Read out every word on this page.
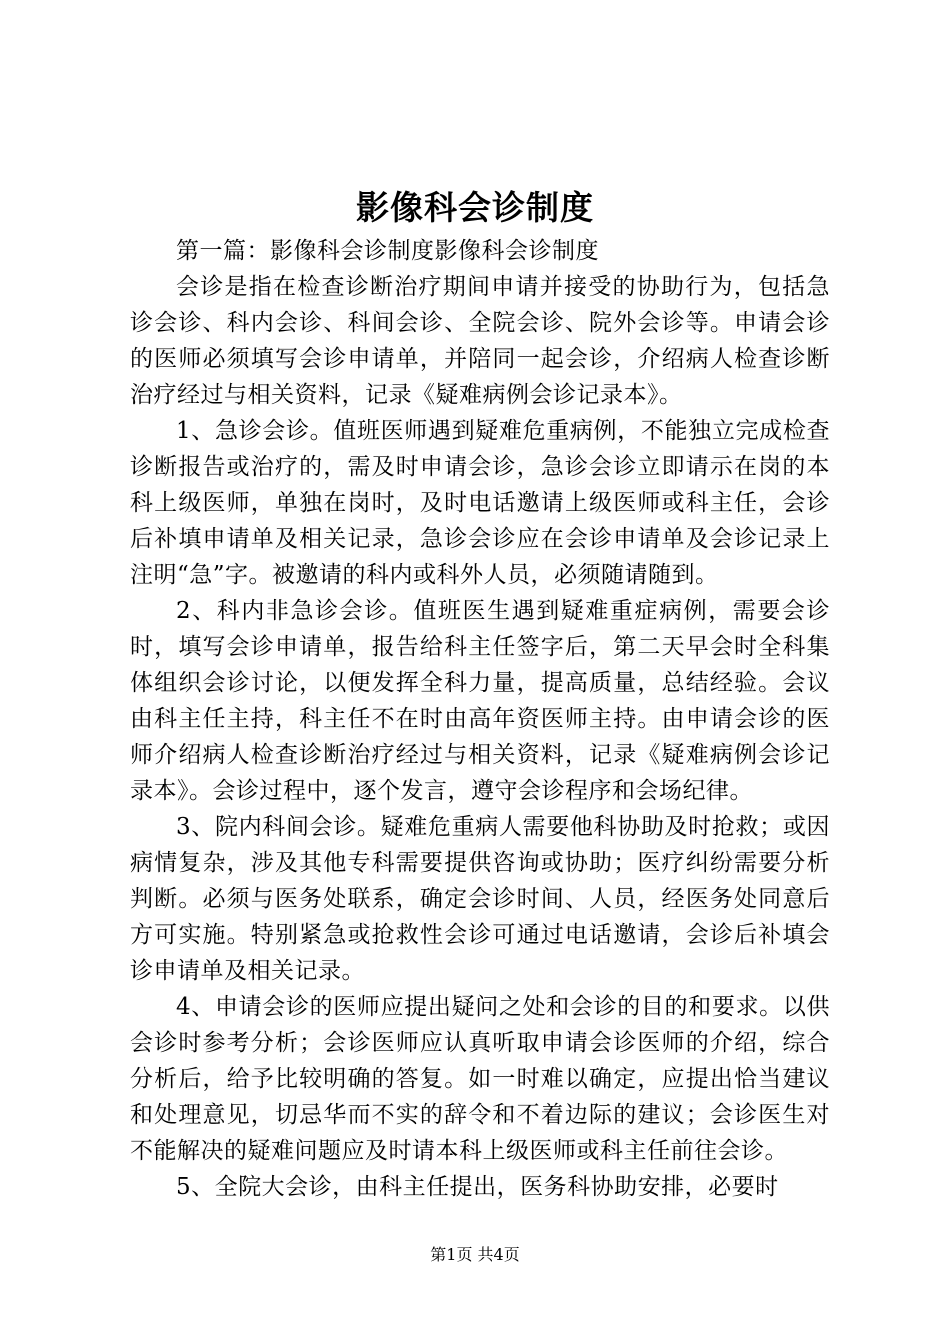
影像科会诊制度

第一篇：影像科会诊制度影像科会诊制度

会诊是指在检查诊断治疗期间申请并接受的协助行为，包括急诊会诊、科内会诊、科间会诊、全院会诊、院外会诊等。申请会诊的医师必须填写会诊申请单，并陪同一起会诊，介绍病人检查诊断治疗经过与相关资料，记录《疑难病例会诊记录本》。

1、急诊会诊。值班医师遇到疑难危重病例，不能独立完成检查诊断报告或治疗的，需及时申请会诊，急诊会诊立即请示在岗的本科上级医师，单独在岗时，及时电话邀请上级医师或科主任，会诊后补填申请单及相关记录，急诊会诊应在会诊申请单及会诊记录上注明“急”字。被邀请的科内或科外人员，必须随请随到。

2、科内非急诊会诊。值班医生遇到疑难重症病例，需要会诊时，填写会诊申请单，报告给科主任签字后，第二天早会时全科集体组织会诊讨论，以便发挥全科力量，提高质量，总结经验。会议由科主任主持，科主任不在时由高年资医师主持。由申请会诊的医师介绍病人检查诊断治疗经过与相关资料，记录《疑难病例会诊记录本》。会诊过程中，逐个发言，遵守会诊程序和会场纪律。

3、院内科间会诊。疑难危重病人需要他科协助及时抢救；或因病情复杂，涉及其他专科需要提供咨询或协助；医疗纠纷需要分析判断。必须与医务处联系，确定会诊时间、人员，经医务处同意后方可实施。特别紧急或抢救性会诊可通过电话邀请，会诊后补填会诊申请单及相关记录。

4、申请会诊的医师应提出疑问之处和会诊的目的和要求。以供会诊时参考分析；会诊医师应认真听取申请会诊医师的介绍，综合分析后，给予比较明确的答复。如一时难以确定，应提出恰当建议和处理意见，切忌华而不实的辞令和不着边际的建议；会诊医生对不能解决的疑难问题应及时请本科上级医师或科主任前往会诊。

5、全院大会诊，由科主任提出，医务科协助安排，必要时

第1页 共4页
